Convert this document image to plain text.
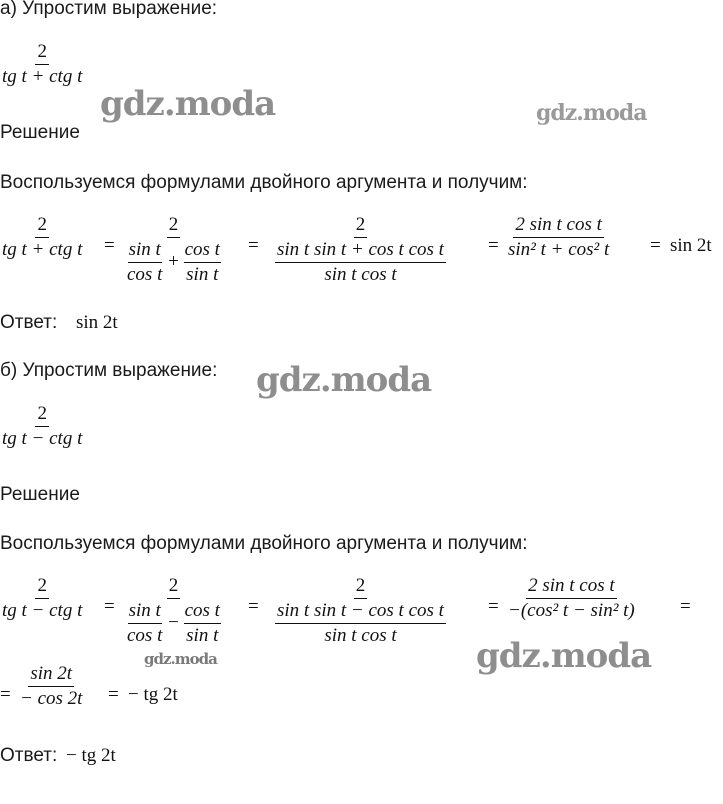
а) Упростим выражение:
2
tg t + ctg t
Решение
Воспользуемся формулами двойного аргумента и получим:
2
tg t + ctg $t = \frac{2}{\frac{\text{sin t}}{\text{cos t}} + \frac{\text{cos t}}{\text{sin t}}} = 2$
sin t sin t + cos t cos t
sin t $\cos t = \frac{\text{2 sin t cos t}}{\text{sin² t + cos² t}} = \sin 2t$
Ответ: sin 2t
б) Упростим выражение:
2
tg t − ctg t
Решение
Воспользуемся формулами двойного аргумента и получим:
2
tg t − ctg $t = \frac{2}{\frac{\text{sin t}}{\text{cos t}} - \frac{\text{cos t}}{\text{sin t}}} = 2$
sin t sin t − cos t cos t
sin t $\cos t = \frac{\text{2 sin t cos t}}{\text{−(cos² t − sin² t)}}$ =
= $\frac{\sin 2t}{- \cos 2t}$ = − tg 2t
Ответ: − tg 2t
gdz.moda	gdz.moda
gdz.moda
gdz.moda	gdz.moda
